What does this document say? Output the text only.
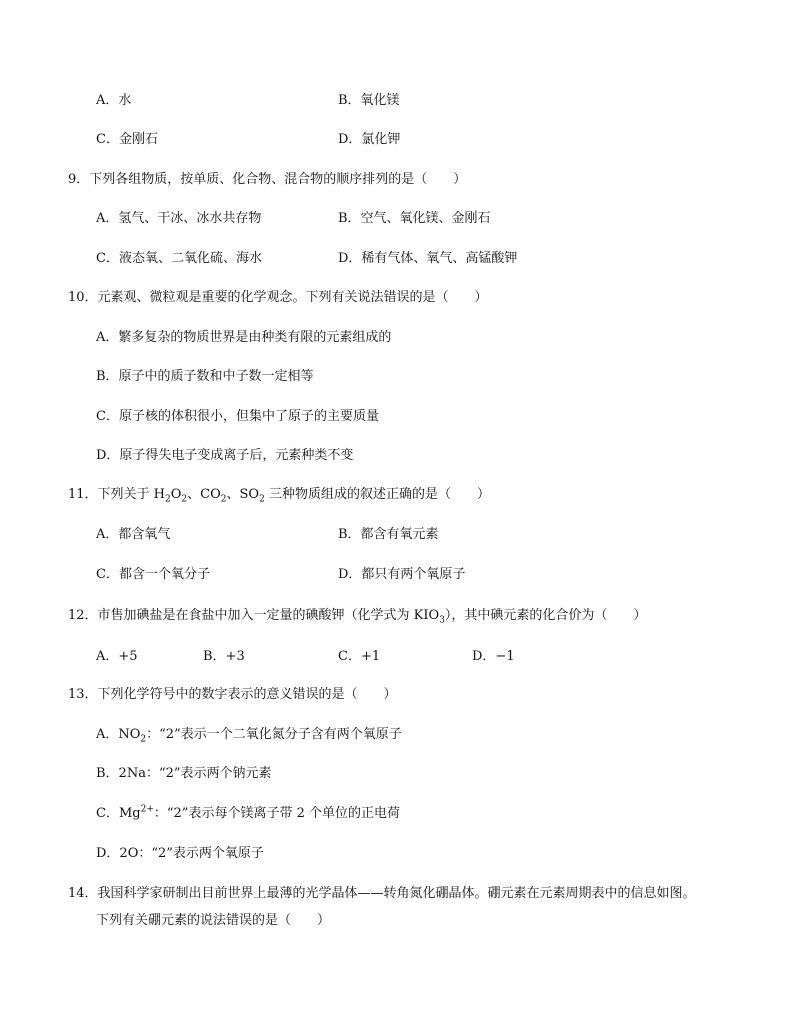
A．水	B．氧化镁
C．金刚石	D．氯化钾
9．下列各组物质，按单质、化合物、混合物的顺序排列的是（　　）
A．氢气、干冰、冰水共存物	B．空气、氧化镁、金刚石
C．液态氧、二氧化硫、海水	D．稀有气体、氧气、高锰酸钾
10．元素观、微粒观是重要的化学观念。下列有关说法错误的是（　　）
A．繁多复杂的物质世界是由种类有限的元素组成的
B．原子中的质子数和中子数一定相等
C．原子核的体积很小，但集中了原子的主要质量
D．原子得失电子变成离子后，元素种类不变
11．下列关于 $H_2O_2$、$CO_2$、$SO_2$ 三种物质组成的叙述正确的是（　　）
A．都含氧气	B．都含有氧元素
C．都含一个氧分子	D．都只有两个氧原子
12．市售加碘盐是在食盐中加入一定量的碘酸钾（化学式为 $KIO_3$），其中碘元素的化合价为（　　）
A．+5	B．+3	C．+1	D．−1
13．下列化学符号中的数字表示的意义错误的是（　　）
A．$NO_2$：“2”表示一个二氧化氮分子含有两个氧原子
B．2Na：“2”表示两个钠元素
C．$Mg^{2+}$：“2”表示每个镁离子带 2 个单位的正电荷
D．2O：“2”表示两个氧原子
14．我国科学家研制出目前世界上最薄的光学晶体——转角氮化硼晶体。硼元素在元素周期表中的信息如图。
下列有关硼元素的说法错误的是（　　）
